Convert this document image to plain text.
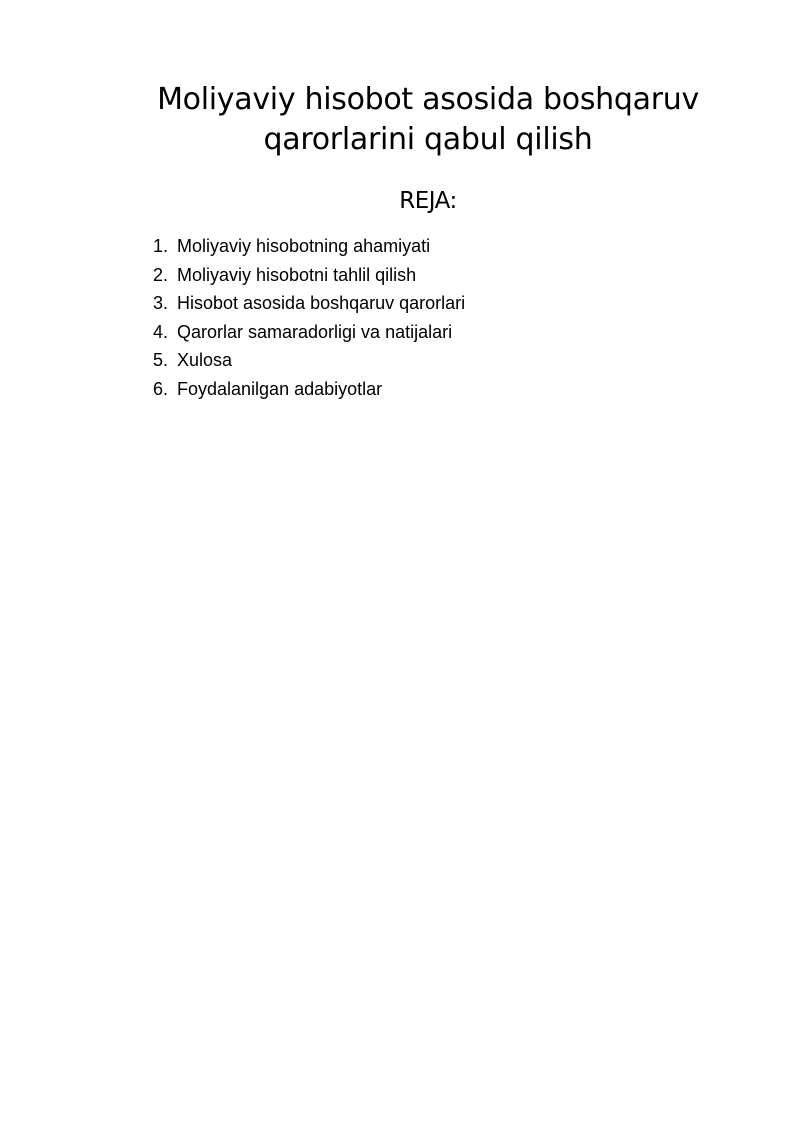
Moliyaviy hisobot asosida boshqaruv
qarorlarini qabul qilish
REJA:
1. Moliyaviy hisobotning ahamiyati
2. Moliyaviy hisobotni tahlil qilish
3. Hisobot asosida boshqaruv qarorlari
4. Qarorlar samaradorligi va natijalari
5. Xulosa
6. Foydalanilgan adabiyotlar
